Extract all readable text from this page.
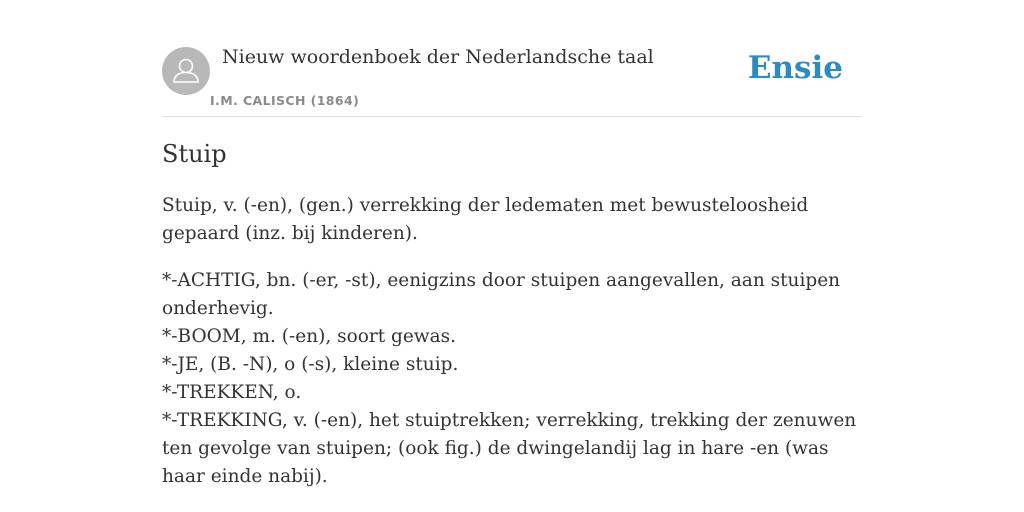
Nieuw woordenboek der Nederlandsche taal
I.M. CALISCH (1864)
Ensie
Stuip

Stuip, v. (-en), (gen.) verrekking der ledematen met bewusteloosheid gepaard (inz. bij kinderen).

*-ACHTIG, bn. (-er, -st), eenigzins door stuipen aangevallen, aan stuipen onderhevig.
*-BOOM, m. (-en), soort gewas.
*-JE, (B. -N), o (-s), kleine stuip.
*-TREKKEN, o.
*-TREKKING, v. (-en), het stuiptrekken; verrekking, trekking der zenuwen ten gevolge van stuipen; (ook fig.) de dwingelandij lag in hare -en (was haar einde nabij).
